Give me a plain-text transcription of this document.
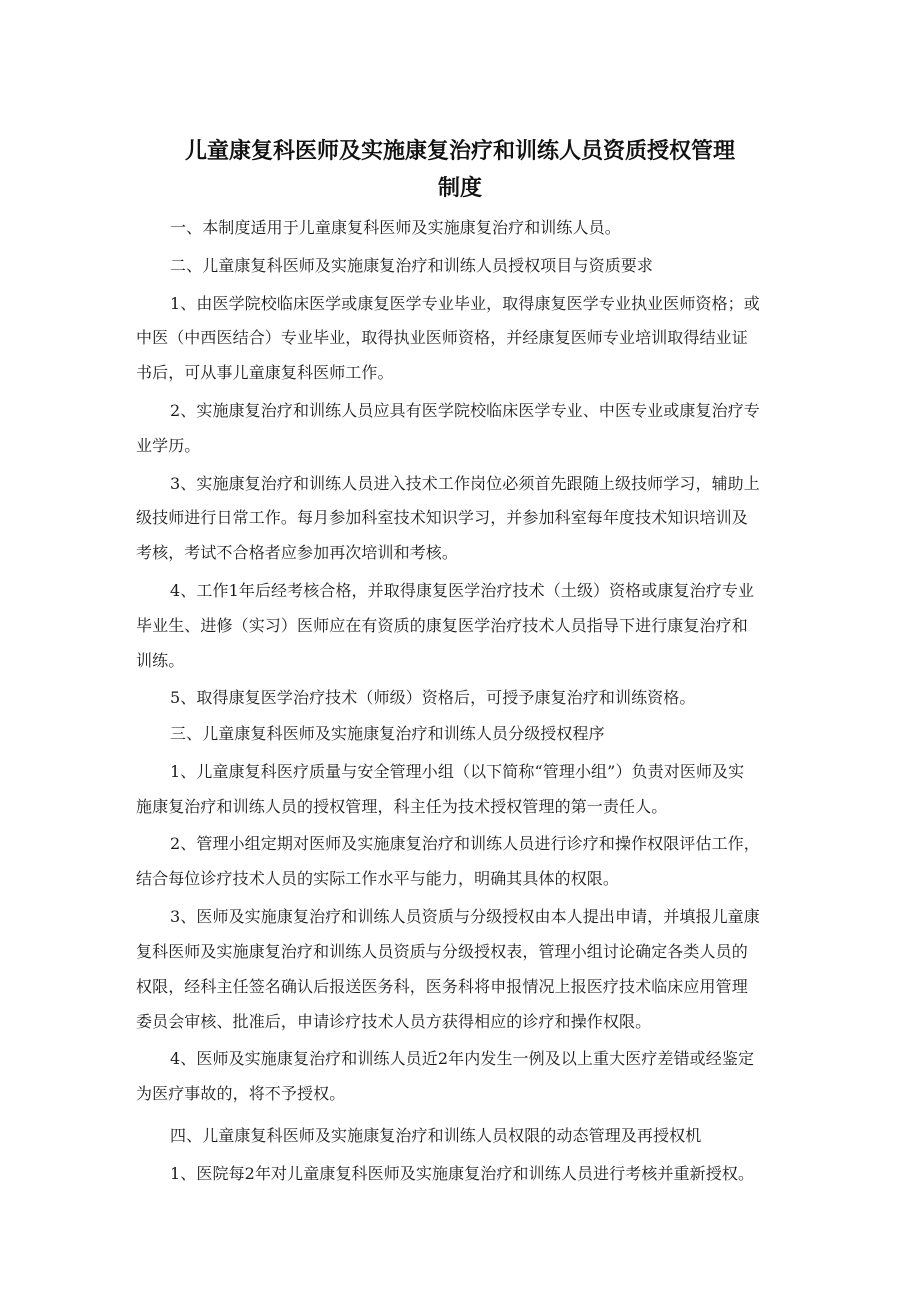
儿童康复科医师及实施康复治疗和训练人员资质授权管理
制度
一、本制度适用于儿童康复科医师及实施康复治疗和训练人员。
二、儿童康复科医师及实施康复治疗和训练人员授权项目与资质要求
1、由医学院校临床医学或康复医学专业毕业，取得康复医学专业执业医师资格；或
中医（中西医结合）专业毕业，取得执业医师资格，并经康复医师专业培训取得结业证
书后，可从事儿童康复科医师工作。
2、实施康复治疗和训练人员应具有医学院校临床医学专业、中医专业或康复治疗专
业学历。
3、实施康复治疗和训练人员进入技术工作岗位必须首先跟随上级技师学习，辅助上
级技师进行日常工作。每月参加科室技术知识学习，并参加科室每年度技术知识培训及
考核，考试不合格者应参加再次培训和考核。
4、工作1年后经考核合格，并取得康复医学治疗技术（土级）资格或康复治疗专业
毕业生、进修（实习）医师应在有资质的康复医学治疗技术人员指导下进行康复治疗和
训练。
5、取得康复医学治疗技术（师级）资格后，可授予康复治疗和训练资格。
三、儿童康复科医师及实施康复治疗和训练人员分级授权程序
1、儿童康复科医疗质量与安全管理小组（以下简称“管理小组”）负责对医师及实
施康复治疗和训练人员的授权管理，科主任为技术授权管理的第一责任人。
2、管理小组定期对医师及实施康复治疗和训练人员进行诊疗和操作权限评估工作，
结合每位诊疗技术人员的实际工作水平与能力，明确其具体的权限。
3、医师及实施康复治疗和训练人员资质与分级授权由本人提出申请，并填报儿童康
复科医师及实施康复治疗和训练人员资质与分级授权表，管理小组讨论确定各类人员的
权限，经科主任签名确认后报送医务科，医务科将申报情况上报医疗技术临床应用管理
委员会审核、批准后，申请诊疗技术人员方获得相应的诊疗和操作权限。
4、医师及实施康复治疗和训练人员近2年内发生一例及以上重大医疗差错或经鉴定
为医疗事故的，将不予授权。
四、儿童康复科医师及实施康复治疗和训练人员权限的动态管理及再授权机
1、医院每2年对儿童康复科医师及实施康复治疗和训练人员进行考核并重新授权。
